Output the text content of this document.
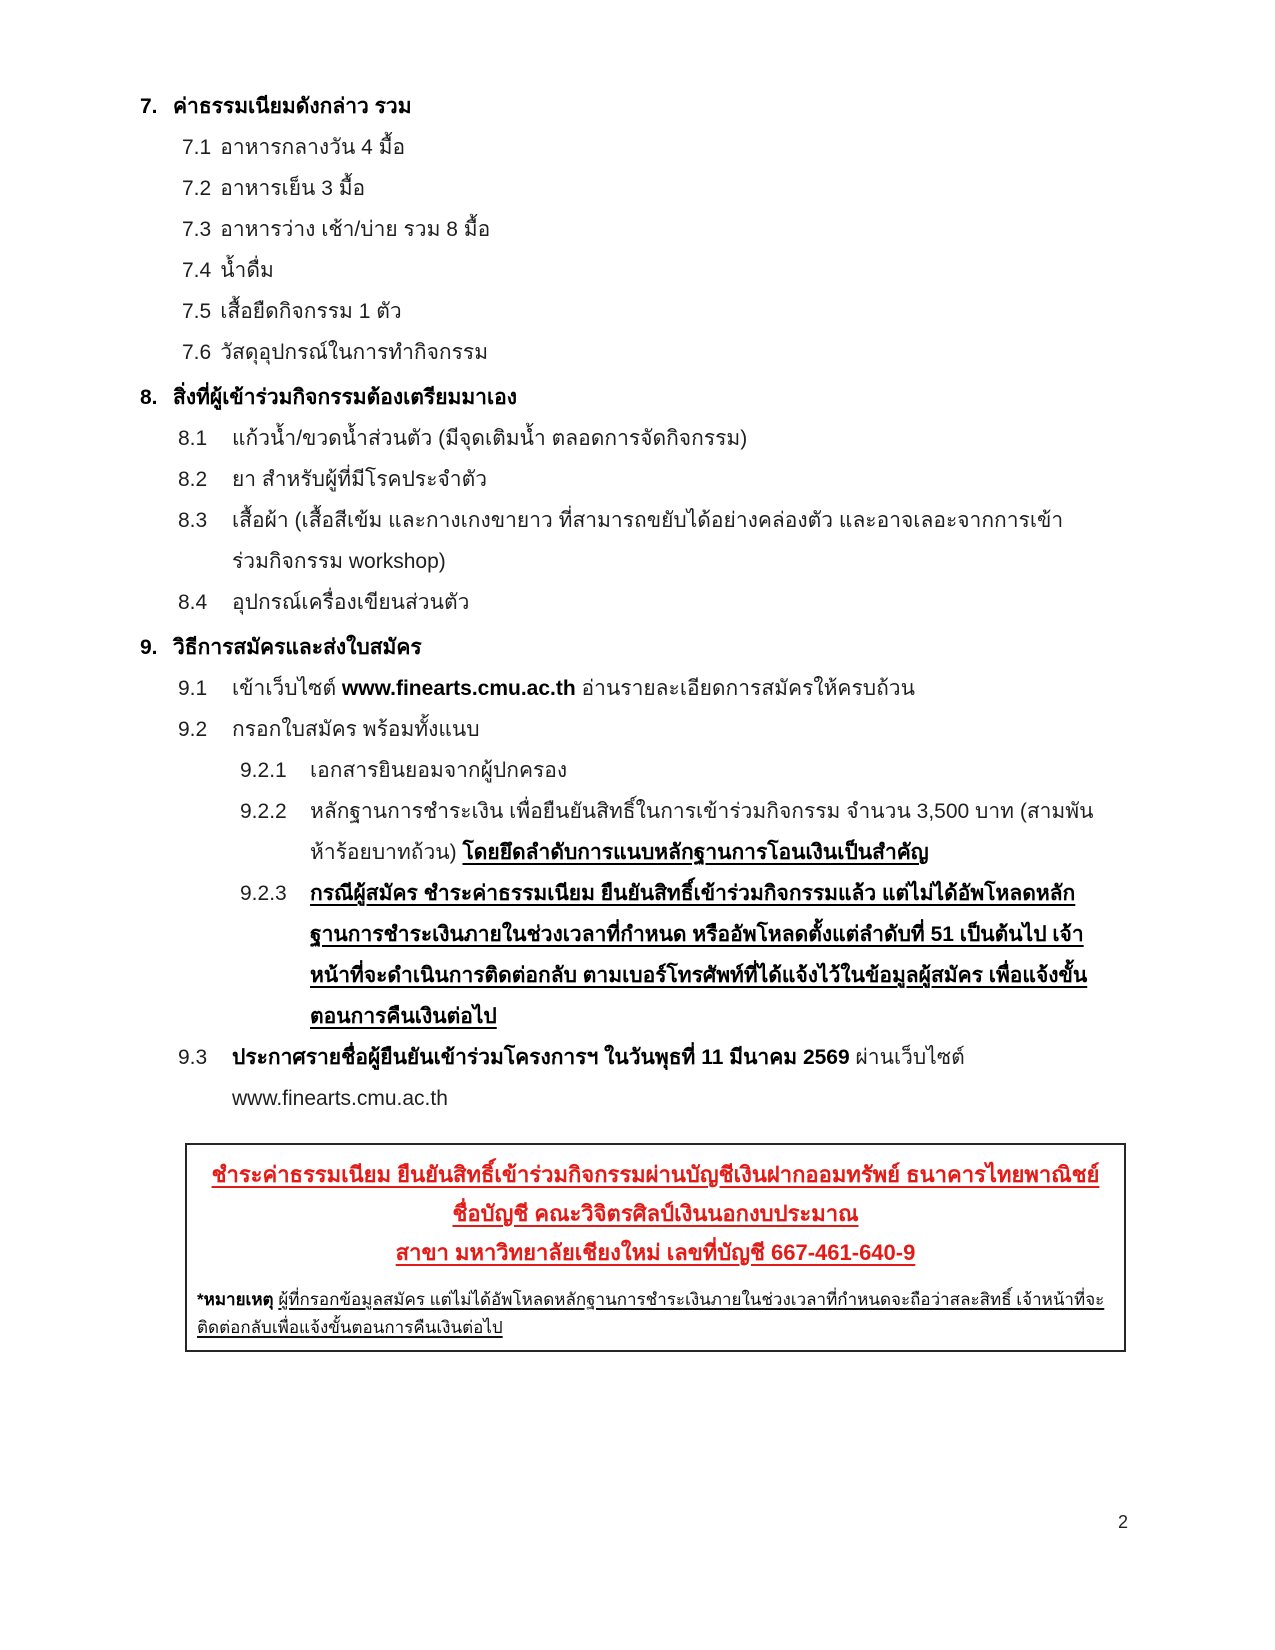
7. ค่าธรรมเนียมดังกล่าว รวม
7.1 อาหารกลางวัน 4 มื้อ
7.2 อาหารเย็น 3 มื้อ
7.3 อาหารว่าง เช้า/บ่าย รวม 8 มื้อ
7.4 น้ำดื่ม
7.5 เสื้อยืดกิจกรรม 1 ตัว
7.6 วัสดุอุปกรณ์ในการทำกิจกรรม
8. สิ่งที่ผู้เข้าร่วมกิจกรรมต้องเตรียมมาเอง
8.1	แก้วน้ำ/ขวดน้ำส่วนตัว (มีจุดเติมน้ำ ตลอดการจัดกิจกรรม)
8.2	ยา สำหรับผู้ที่มีโรคประจำตัว
8.3	เสื้อผ้า (เสื้อสีเข้ม และกางเกงขายาว ที่สามารถขยับได้อย่างคล่องตัว และอาจเลอะจากการเข้าร่วมกิจกรรม workshop)
8.4	อุปกรณ์เครื่องเขียนส่วนตัว
9. วิธีการสมัครและส่งใบสมัคร
9.1	เข้าเว็บไซต์ www.finearts.cmu.ac.th อ่านรายละเอียดการสมัครให้ครบถ้วน
9.2	กรอกใบสมัคร พร้อมทั้งแนบ
9.2.1	เอกสารยินยอมจากผู้ปกครอง
9.2.2	หลักฐานการชำระเงิน เพื่อยืนยันสิทธิ์ในการเข้าร่วมกิจกรรม จำนวน 3,500 บาท (สามพันห้าร้อยบาทถ้วน) โดยยึดลำดับการแนบหลักฐานการโอนเงินเป็นสำคัญ
9.2.3	กรณีผู้สมัคร ชำระค่าธรรมเนียม ยืนยันสิทธิ์เข้าร่วมกิจกรรมแล้ว แต่ไม่ได้อัพโหลดหลักฐานการชำระเงินภายในช่วงเวลาที่กำหนด หรืออัพโหลดตั้งแต่ลำดับที่ 51 เป็นต้นไป เจ้าหน้าที่จะดำเนินการติดต่อกลับ ตามเบอร์โทรศัพท์ที่ได้แจ้งไว้ในข้อมูลผู้สมัคร เพื่อแจ้งขั้นตอนการคืนเงินต่อไป
9.3	ประกาศรายชื่อผู้ยืนยันเข้าร่วมโครงการฯ ในวันพุธที่ 11 มีนาคม 2569 ผ่านเว็บไซต์ www.finearts.cmu.ac.th
ชำระค่าธรรมเนียม ยืนยันสิทธิ์เข้าร่วมกิจกรรมผ่านบัญชีเงินฝากออมทรัพย์ ธนาคารไทยพาณิชย์
ชื่อบัญชี คณะวิจิตรศิลป์เงินนอกงบประมาณ
สาขา มหาวิทยาลัยเชียงใหม่ เลขที่บัญชี 667-461-640-9
*หมายเหตุ ผู้ที่กรอกข้อมูลสมัคร แต่ไม่ได้อัพโหลดหลักฐานการชำระเงินภายในช่วงเวลาที่กำหนดจะถือว่าสละสิทธิ์ เจ้าหน้าที่จะติดต่อกลับเพื่อแจ้งขั้นตอนการคืนเงินต่อไป
2
